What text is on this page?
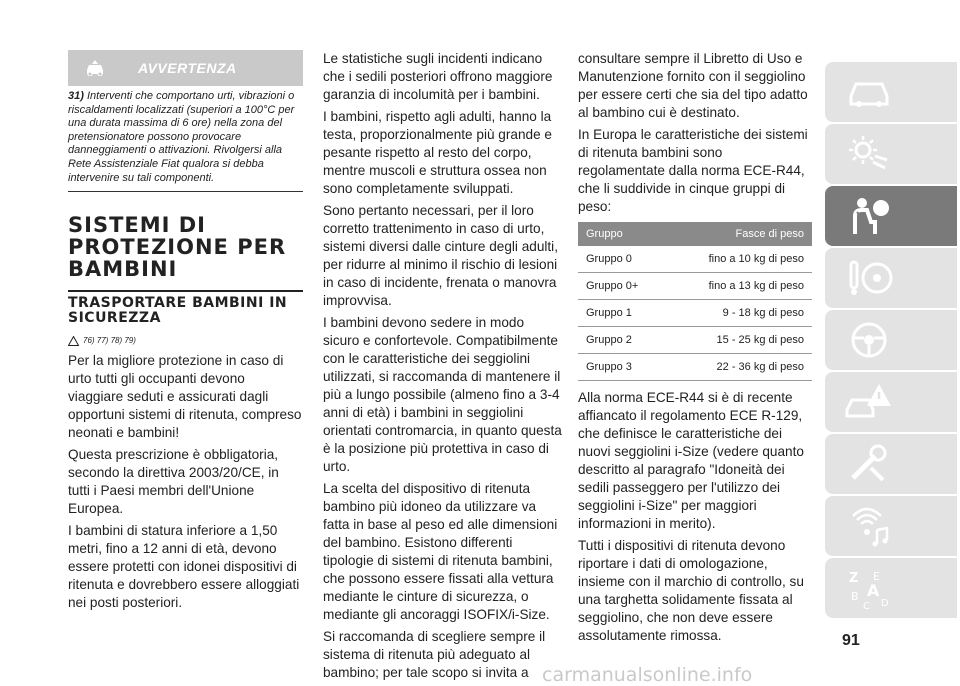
AVVERTENZA
31) Interventi che comportano urti, vibrazioni o riscaldamenti localizzati (superiori a 100°C per una durata massima di 6 ore) nella zona del pretensionatore possono provocare danneggiamenti o attivazioni. Rivolgersi alla Rete Assistenziale Fiat qualora si debba intervenire su tali componenti.
SISTEMI DI PROTEZIONE PER BAMBINI
TRASPORTARE BAMBINI IN SICUREZZA
76) 77) 78) 79)

Per la migliore protezione in caso di urto tutti gli occupanti devono viaggiare seduti e assicurati dagli opportuni sistemi di ritenuta, compreso neonati e bambini!

Questa prescrizione è obbligatoria, secondo la direttiva 2003/20/CE, in tutti i Paesi membri dell'Unione Europea.

I bambini di statura inferiore a 1,50 metri, fino a 12 anni di età, devono essere protetti con idonei dispositivi di ritenuta e dovrebbero essere alloggiati nei posti posteriori.

Le statistiche sugli incidenti indicano che i sedili posteriori offrono maggiore garanzia di incolumità per i bambini.

I bambini, rispetto agli adulti, hanno la testa, proporzionalmente più grande e pesante rispetto al resto del corpo, mentre muscoli e struttura ossea non sono completamente sviluppati.

Sono pertanto necessari, per il loro corretto trattenimento in caso di urto, sistemi diversi dalle cinture degli adulti, per ridurre al minimo il rischio di lesioni in caso di incidente, frenata o manovra improvvisa.

I bambini devono sedere in modo sicuro e confortevole. Compatibilmente con le caratteristiche dei seggiolini utilizzati, si raccomanda di mantenere il più a lungo possibile (almeno fino a 3-4 anni di età) i bambini in seggiolini orientati contromarcia, in quanto questa è la posizione più protettiva in caso di urto.

La scelta del dispositivo di ritenuta bambino più idoneo da utilizzare va fatta in base al peso ed alle dimensioni del bambino. Esistono differenti tipologie di sistemi di ritenuta bambini, che possono essere fissati alla vettura mediante le cinture di sicurezza, o mediante gli ancoraggi ISOFIX/i-Size.

Si raccomanda di scegliere sempre il sistema di ritenuta più adeguato al bambino; per tale scopo si invita a

consultare sempre il Libretto di Uso e Manutenzione fornito con il seggiolino per essere certi che sia del tipo adatto al bambino cui è destinato.

In Europa le caratteristiche dei sistemi di ritenuta bambini sono regolamentate dalla norma ECE-R44, che li suddivide in cinque gruppi di peso:

Gruppo	Fasce di peso
Gruppo 0	fino a 10 kg di peso
Gruppo 0+	fino a 13 kg di peso
Gruppo 1	9 - 18 kg di peso
Gruppo 2	15 - 25 kg di peso
Gruppo 3	22 - 36 kg di peso

Alla norma ECE-R44 si è di recente affiancato il regolamento ECE R-129, che definisce le caratteristiche dei nuovi seggiolini i-Size (vedere quanto descritto al paragrafo "Idoneità dei sedili passeggero per l'utilizzo dei seggiolini i-Size" per maggiori informazioni in merito).

Tutti i dispositivi di ritenuta devono riportare i dati di omologazione, insieme con il marchio di controllo, su una targhetta solidamente fissata al seggiolino, che non deve essere assolutamente rimossa.

Z E
B A
C D
91
carmanualsonline.info
